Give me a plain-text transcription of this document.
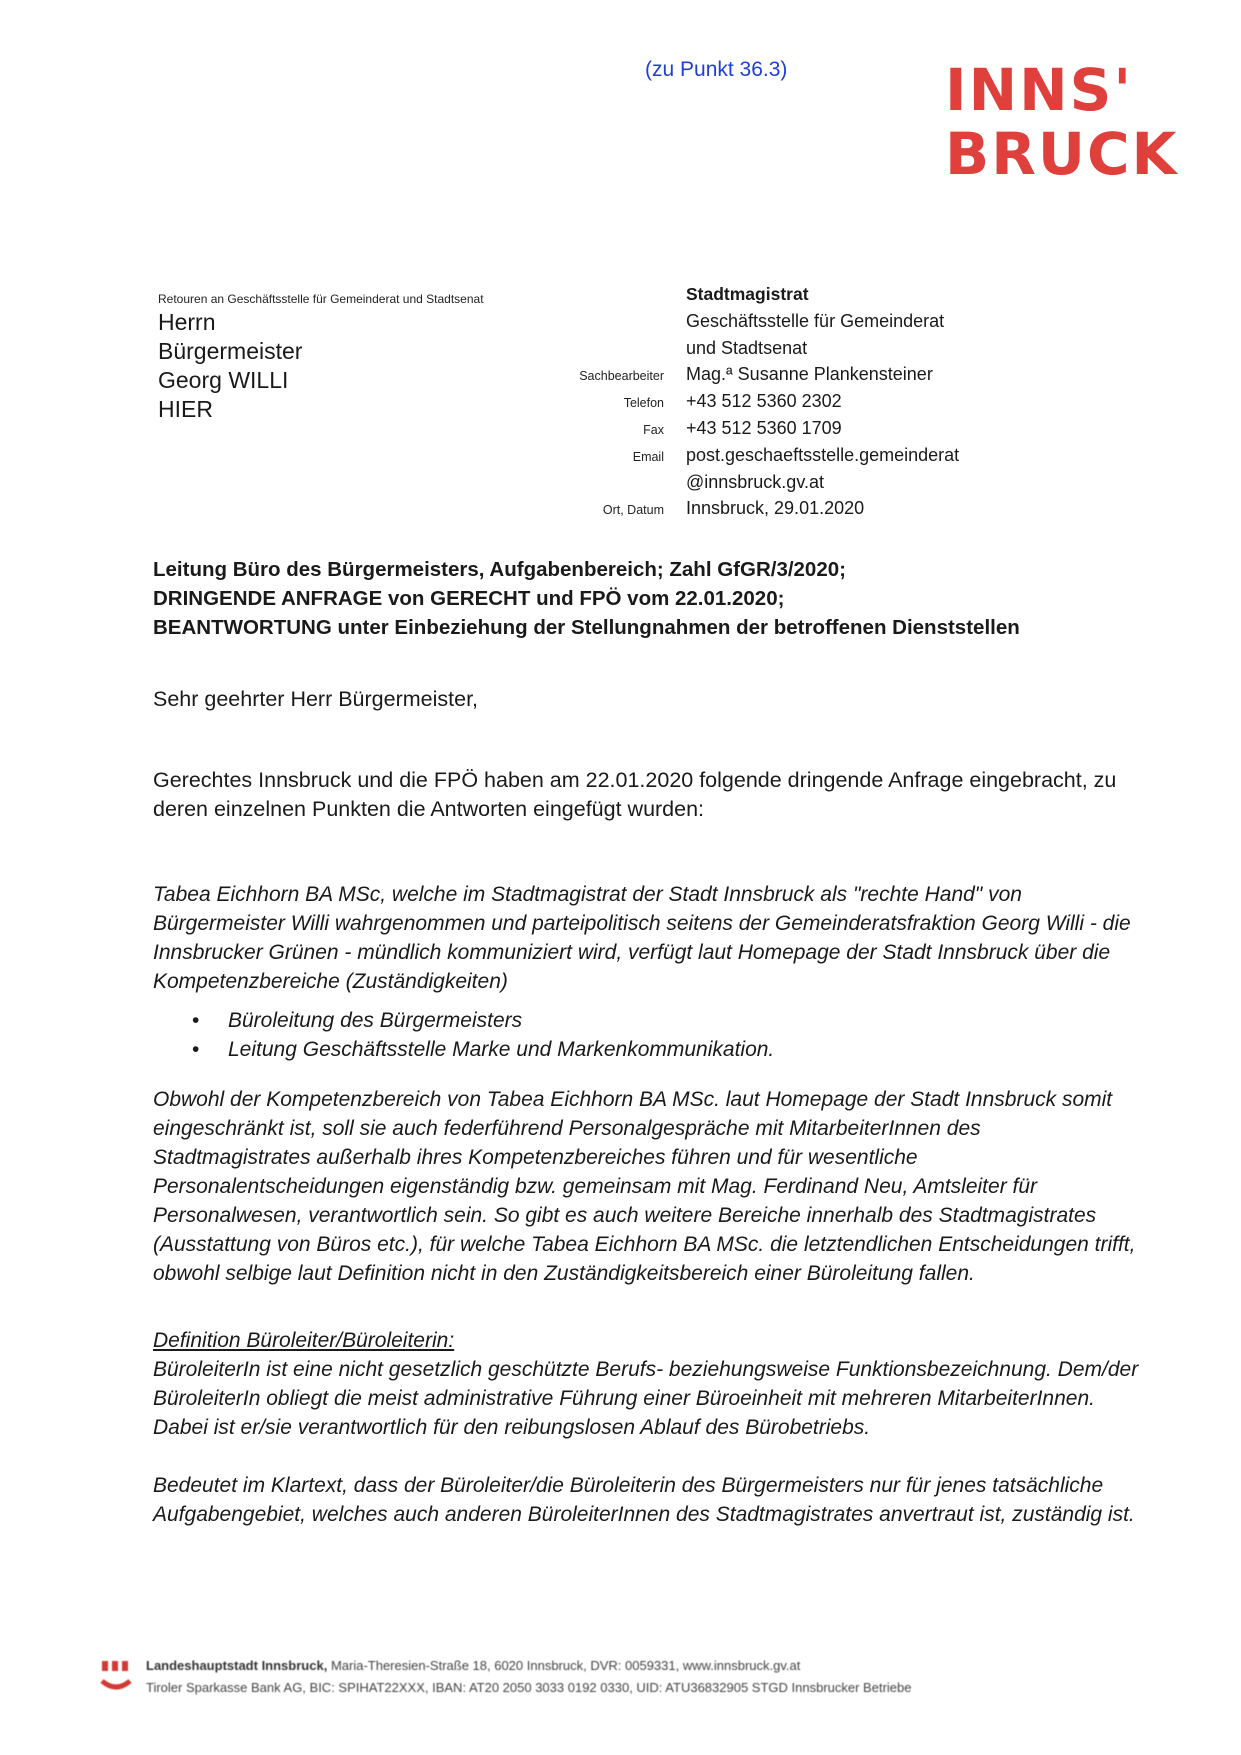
(zu Punkt 36.3)	INNS'
BRUCK
Retouren an Geschäftsstelle für Gemeinderat und Stadtsenat
Herrn
Bürgermeister
Georg WILLI
HIER
Stadtmagistrat
Geschäftsstelle für Gemeinderat
und Stadtsenat
Sachbearbeiter	Mag.ª Susanne Plankensteiner
Telefon	+43 512 5360 2302
Fax	+43 512 5360 1709
Email	post.geschaeftsstelle.gemeinderat
@innsbruck.gv.at
Ort, Datum	Innsbruck, 29.01.2020
Leitung Büro des Bürgermeisters, Aufgabenbereich; Zahl GfGR/3/2020;
DRINGENDE ANFRAGE von GERECHT und FPÖ vom 22.01.2020;
BEANTWORTUNG unter Einbeziehung der Stellungnahmen der betroffenen Dienststellen
Sehr geehrter Herr Bürgermeister,
Gerechtes Innsbruck und die FPÖ haben am 22.01.2020 folgende dringende Anfrage eingebracht, zu deren einzelnen Punkten die Antworten eingefügt wurden:
Tabea Eichhorn BA MSc, welche im Stadtmagistrat der Stadt Innsbruck als "rechte Hand" von Bürgermeister Willi wahrgenommen und parteipolitisch seitens der Gemeinderatsfraktion Georg Willi - die Innsbrucker Grünen - mündlich kommuniziert wird, verfügt laut Homepage der Stadt Innsbruck über die Kompetenzbereiche (Zuständigkeiten)
• Büroleitung des Bürgermeisters
• Leitung Geschäftsstelle Marke und Markenkommunikation.
Obwohl der Kompetenzbereich von Tabea Eichhorn BA MSc. laut Homepage der Stadt Innsbruck somit eingeschränkt ist, soll sie auch federführend Personalgespräche mit MitarbeiterInnen des Stadtmagistrates außerhalb ihres Kompetenzbereiches führen und für wesentliche Personalentscheidungen eigenständig bzw. gemeinsam mit Mag. Ferdinand Neu, Amtsleiter für Personalwesen, verantwortlich sein. So gibt es auch weitere Bereiche innerhalb des Stadtmagistrates (Ausstattung von Büros etc.), für welche Tabea Eichhorn BA MSc. die letztendlichen Entscheidungen trifft, obwohl selbige laut Definition nicht in den Zuständigkeitsbereich einer Büroleitung fallen.
Definition Büroleiter/Büroleiterin:
BüroleiterIn ist eine nicht gesetzlich geschützte Berufs- beziehungsweise Funktionsbezeichnung. Dem/der BüroleiterIn obliegt die meist administrative Führung einer Büroeinheit mit mehreren MitarbeiterInnen. Dabei ist er/sie verantwortlich für den reibungslosen Ablauf des Bürobetriebs.
Bedeutet im Klartext, dass der Büroleiter/die Büroleiterin des Bürgermeisters nur für jenes tatsächliche Aufgabengebiet, welches auch anderen BüroleiterInnen des Stadtmagistrates anvertraut ist, zuständig ist.
Landeshauptstadt Innsbruck, Maria-Theresien-Straße 18, 6020 Innsbruck, DVR: 0059331, www.innsbruck.gv.at
Tiroler Sparkasse Bank AG, BIC: SPIHAT22XXX, IBAN: AT20 2050 3033 0192 0330, UID: ATU36832905 STGD Innsbrucker Betriebe
